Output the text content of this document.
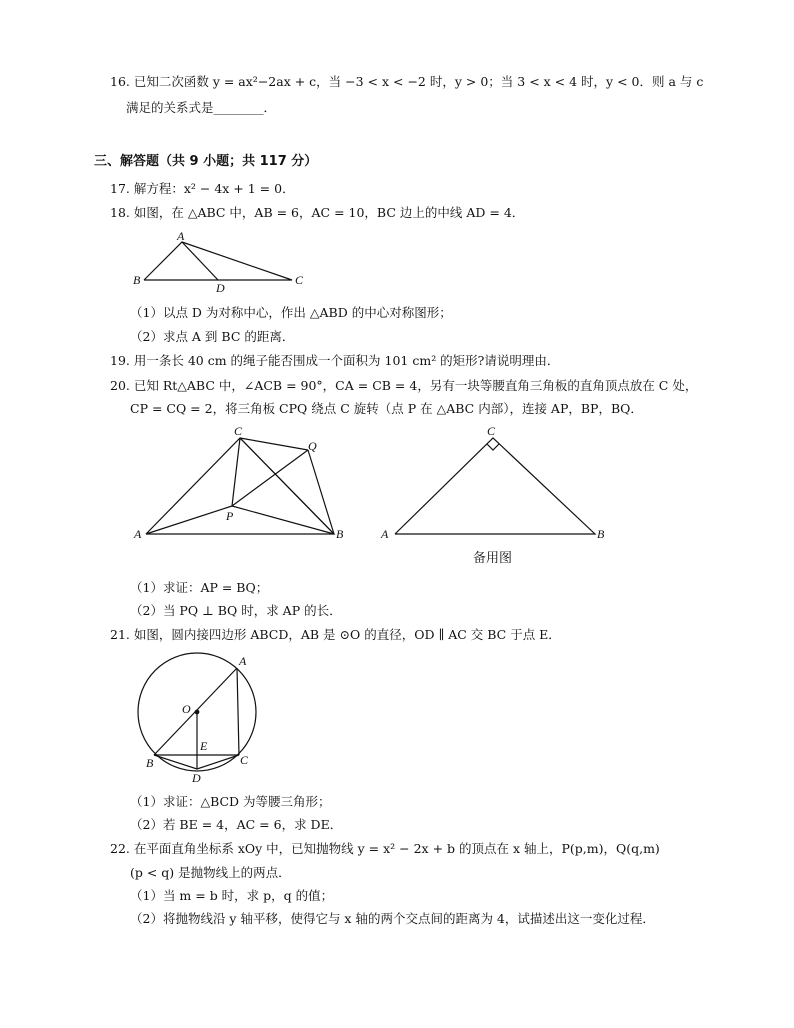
16. 已知二次函数 y = ax²−2ax + c，当 −3 < x < −2 时，y > 0；当 3 < x < 4 时，y < 0．则 a 与 c
满足的关系式是________．
三、解答题（共 9 小题；共 117 分）
17. 解方程：x² − 4x + 1 = 0．
18. 如图，在 △ABC 中，AB = 6，AC = 10，BC 边上的中线 AD = 4．
A
B	C
D
（1）以点 D 为对称中心，作出 △ABD 的中心对称图形；
（2）求点 A 到 BC 的距离．
19. 用一条长 40 cm 的绳子能否围成一个面积为 101 cm² 的矩形?请说明理由．
20. 已知 Rt△ABC 中，∠ACB = 90°，CA = CB = 4，另有一块等腰直角三角板的直角顶点放在 C 处，
CP = CQ = 2，将三角板 CPQ 绕点 C 旋转（点 P 在 △ABC 内部），连接 AP，BP，BQ．
C
Q
P
A	B
C
A	B
备用图
（1）求证：AP = BQ；
（2）当 PQ ⊥ BQ 时，求 AP 的长．
21. 如图，圆内接四边形 ABCD，AB 是 ⊙O 的直径，OD ∥ AC 交 BC 于点 E．
A
O
E
B	C
D
（1）求证：△BCD 为等腰三角形；
（2）若 BE = 4，AC = 6，求 DE．
22. 在平面直角坐标系 xOy 中，已知抛物线 y = x² − 2x + b 的顶点在 x 轴上，P(p,m)，Q(q,m)
(p < q) 是抛物线上的两点．
（1）当 m = b 时，求 p，q 的值；
（2）将抛物线沿 y 轴平移，使得它与 x 轴的两个交点间的距离为 4，试描述出这一变化过程．
